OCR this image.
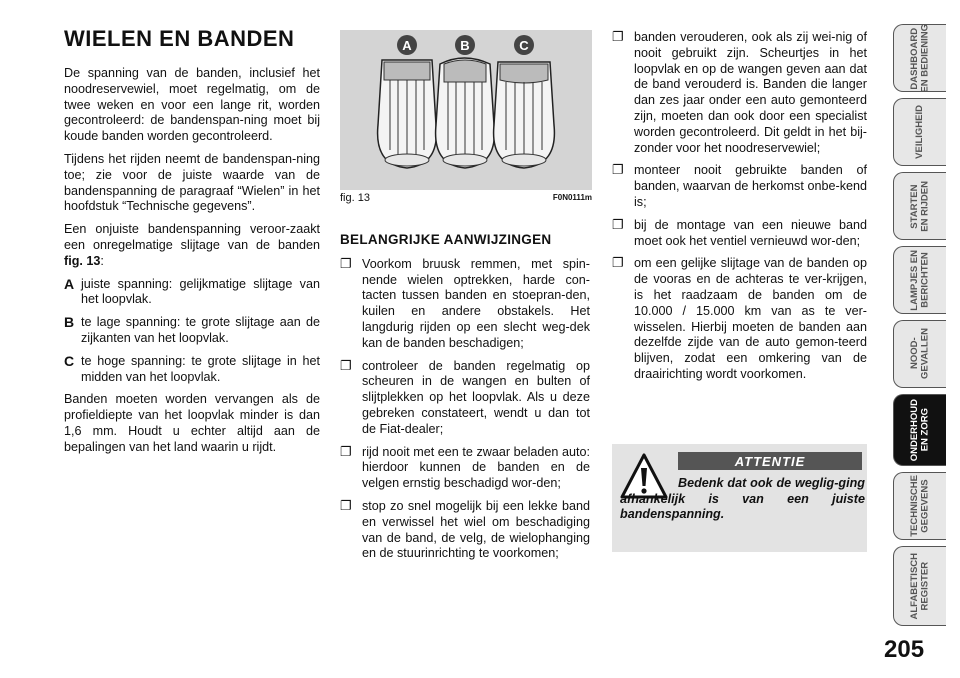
WIELEN EN BANDEN

De spanning van de banden, inclusief het noodreservewiel, moet regelmatig, om de twee weken en voor een lange rit, worden gecontroleerd: de bandenspan-ning moet bij koude banden worden gecontroleerd.

Tijdens het rijden neemt de bandenspan-ning toe; zie voor de juiste waarde van de bandenspanning de paragraaf “Wielen” in het hoofdstuk “Technische gegevens”.

Een onjuiste bandenspanning veroor-zaakt een onregelmatige slijtage van de banden fig. 13:

A juiste spanning: gelijkmatige slijtage van het loopvlak.
B te lage spanning: te grote slijtage aan de zijkanten van het loopvlak.
C te hoge spanning: te grote slijtage in het midden van het loopvlak.

Banden moeten worden vervangen als de profieldiepte van het loopvlak minder is dan 1,6 mm. Houdt u echter altijd aan de bepalingen van het land waarin u rijdt.

A	B	C
fig. 13	F0N0111m
BELANGRIJKE AANWIJZINGEN
❐ Voorkom bruusk remmen, met spin-nende wielen optrekken, harde con-tacten tussen banden en stoepran-den, kuilen en andere obstakels. Het langdurig rijden op een slecht weg-dek kan de banden beschadigen;
❐ controleer de banden regelmatig op scheuren in de wangen en bulten of slijtplekken op het loopvlak. Als u deze gebreken constateert, wendt u dan tot de Fiat-dealer;
❐ rijd nooit met een te zwaar beladen auto: hierdoor kunnen de banden en de velgen ernstig beschadigd wor-den;
❐ stop zo snel mogelijk bij een lekke band en verwissel het wiel om beschadiging van de band, de velg, de wielophanging en de stuurinrichting te voorkomen;
❐ banden verouderen, ook als zij wei-nig of nooit gebruikt zijn. Scheurtjes in het loopvlak en op de wangen geven aan dat de band verouderd is. Banden die langer dan zes jaar onder een auto gemonteerd zijn, moeten dan ook door een specialist worden gecontroleerd. Dit geldt in het bij-zonder voor het noodreservewiel;
❐ monteer nooit gebruikte banden of banden, waarvan de herkomst onbe-kend is;
❐ bij de montage van een nieuwe band moet ook het ventiel vernieuwd wor-den;
❐ om een gelijke slijtage van de banden op de vooras en de achteras te ver-krijgen, is het raadzaam de banden om de 10.000 / 15.000 km van as te ver-wisselen. Hierbij moeten de banden aan dezelfde zijde van de auto gemon-teerd blijven, zodat een omkering van de draairichting wordt voorkomen.
ATTENTIE
Bedenk dat ook de weglig-ging afhankelijk is van een juiste bandenspanning.
DASHBOARD
EN BEDIENING
VEILIGHEID
STARTEN
EN RIJDEN
LAMPJES EN
BERICHTEN
NOOD-
GEVALLEN
ONDERHOUD
EN ZORG
TECHNISCHE
GEGEVENS
ALFABETISCH
REGISTER
205
